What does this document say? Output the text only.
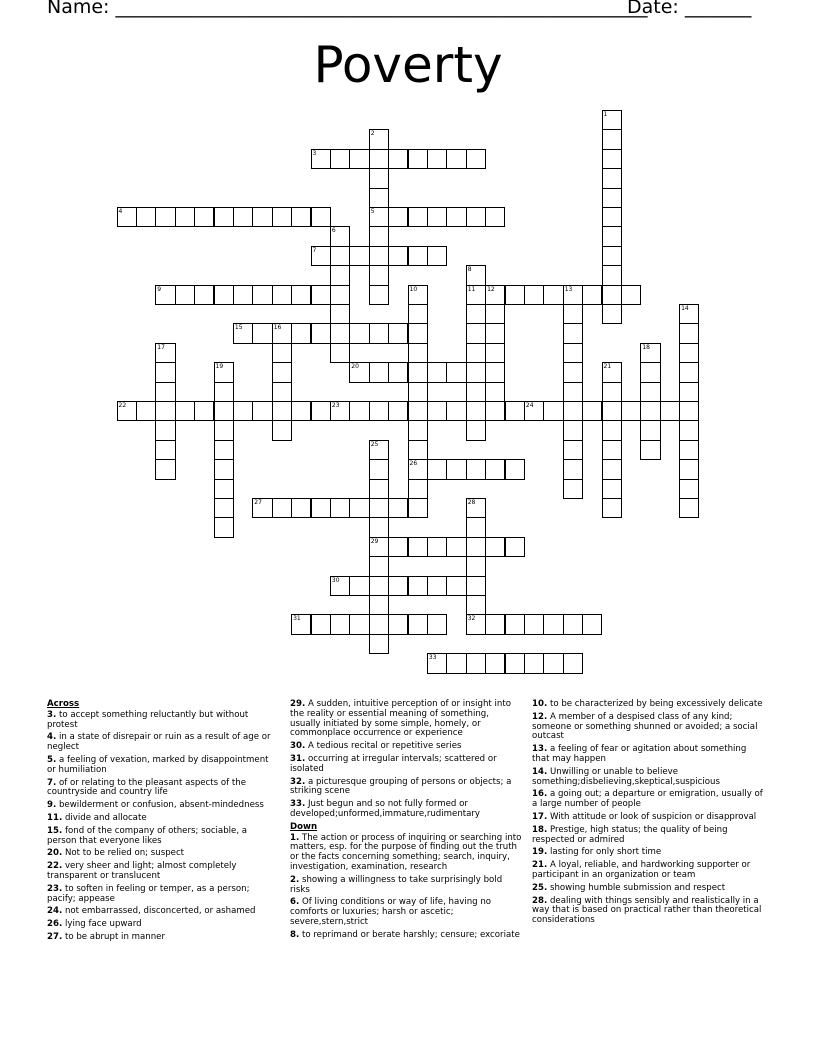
Name: ________________________________________________________
Date: _______
Poverty
3
4	5
7
9	11 12	13
15	16
20
22	23	24
26
27
29
30
31	32
33
1
2
6
8
10
14
17	18
19	21
25
28
Across
3. to accept something reluctantly but without protest
4. in a state of disrepair or ruin as a result of age or neglect
5. a feeling of vexation, marked by disappointment or humiliation
7. of or relating to the pleasant aspects of the countryside and country life
9. bewilderment or confusion, absent-mindedness
11. divide and allocate
15. fond of the company of others; sociable, a person that everyone likes
20. Not to be relied on; suspect
22. very sheer and light; almost completely transparent or translucent
23. to soften in feeling or temper, as a person; pacify; appease
24. not embarrassed, disconcerted, or ashamed
26. lying face upward
27. to be abrupt in manner
29. A sudden, intuitive perception of or insight into the reality or essential meaning of something, usually initiated by some simple, homely, or commonplace occurrence or experience
30. A tedious recital or repetitive series
31. occurring at irregular intervals; scattered or isolated
32. a picturesque grouping of persons or objects; a striking scene
33. Just begun and so not fully formed or developed;unformed,immature,rudimentary
Down
1. The action or process of inquiring or searching into matters, esp. for the purpose of finding out the truth or the facts concerning something; search, inquiry, investigation, examination, research
2. showing a willingness to take surprisingly bold risks
6. Of living conditions or way of life, having no comforts or luxuries; harsh or ascetic; severe,stern,strict
8. to reprimand or berate harshly; censure; excoriate
10. to be characterized by being excessively delicate
12. A member of a despised class of any kind; someone or something shunned or avoided; a social outcast
13. a feeling of fear or agitation about something that may happen
14. Unwilling or unable to believe something;disbelieving,skeptical,suspicious
16. a going out; a departure or emigration, usually of a large number of people
17. With attitude or look of suspicion or disapproval
18. Prestige, high status; the quality of being respected or admired
19. lasting for only short time
21. A loyal, reliable, and hardworking supporter or participant in an organization or team
25. showing humble submission and respect
28. dealing with things sensibly and realistically in a way that is based on practical rather than theoretical considerations
